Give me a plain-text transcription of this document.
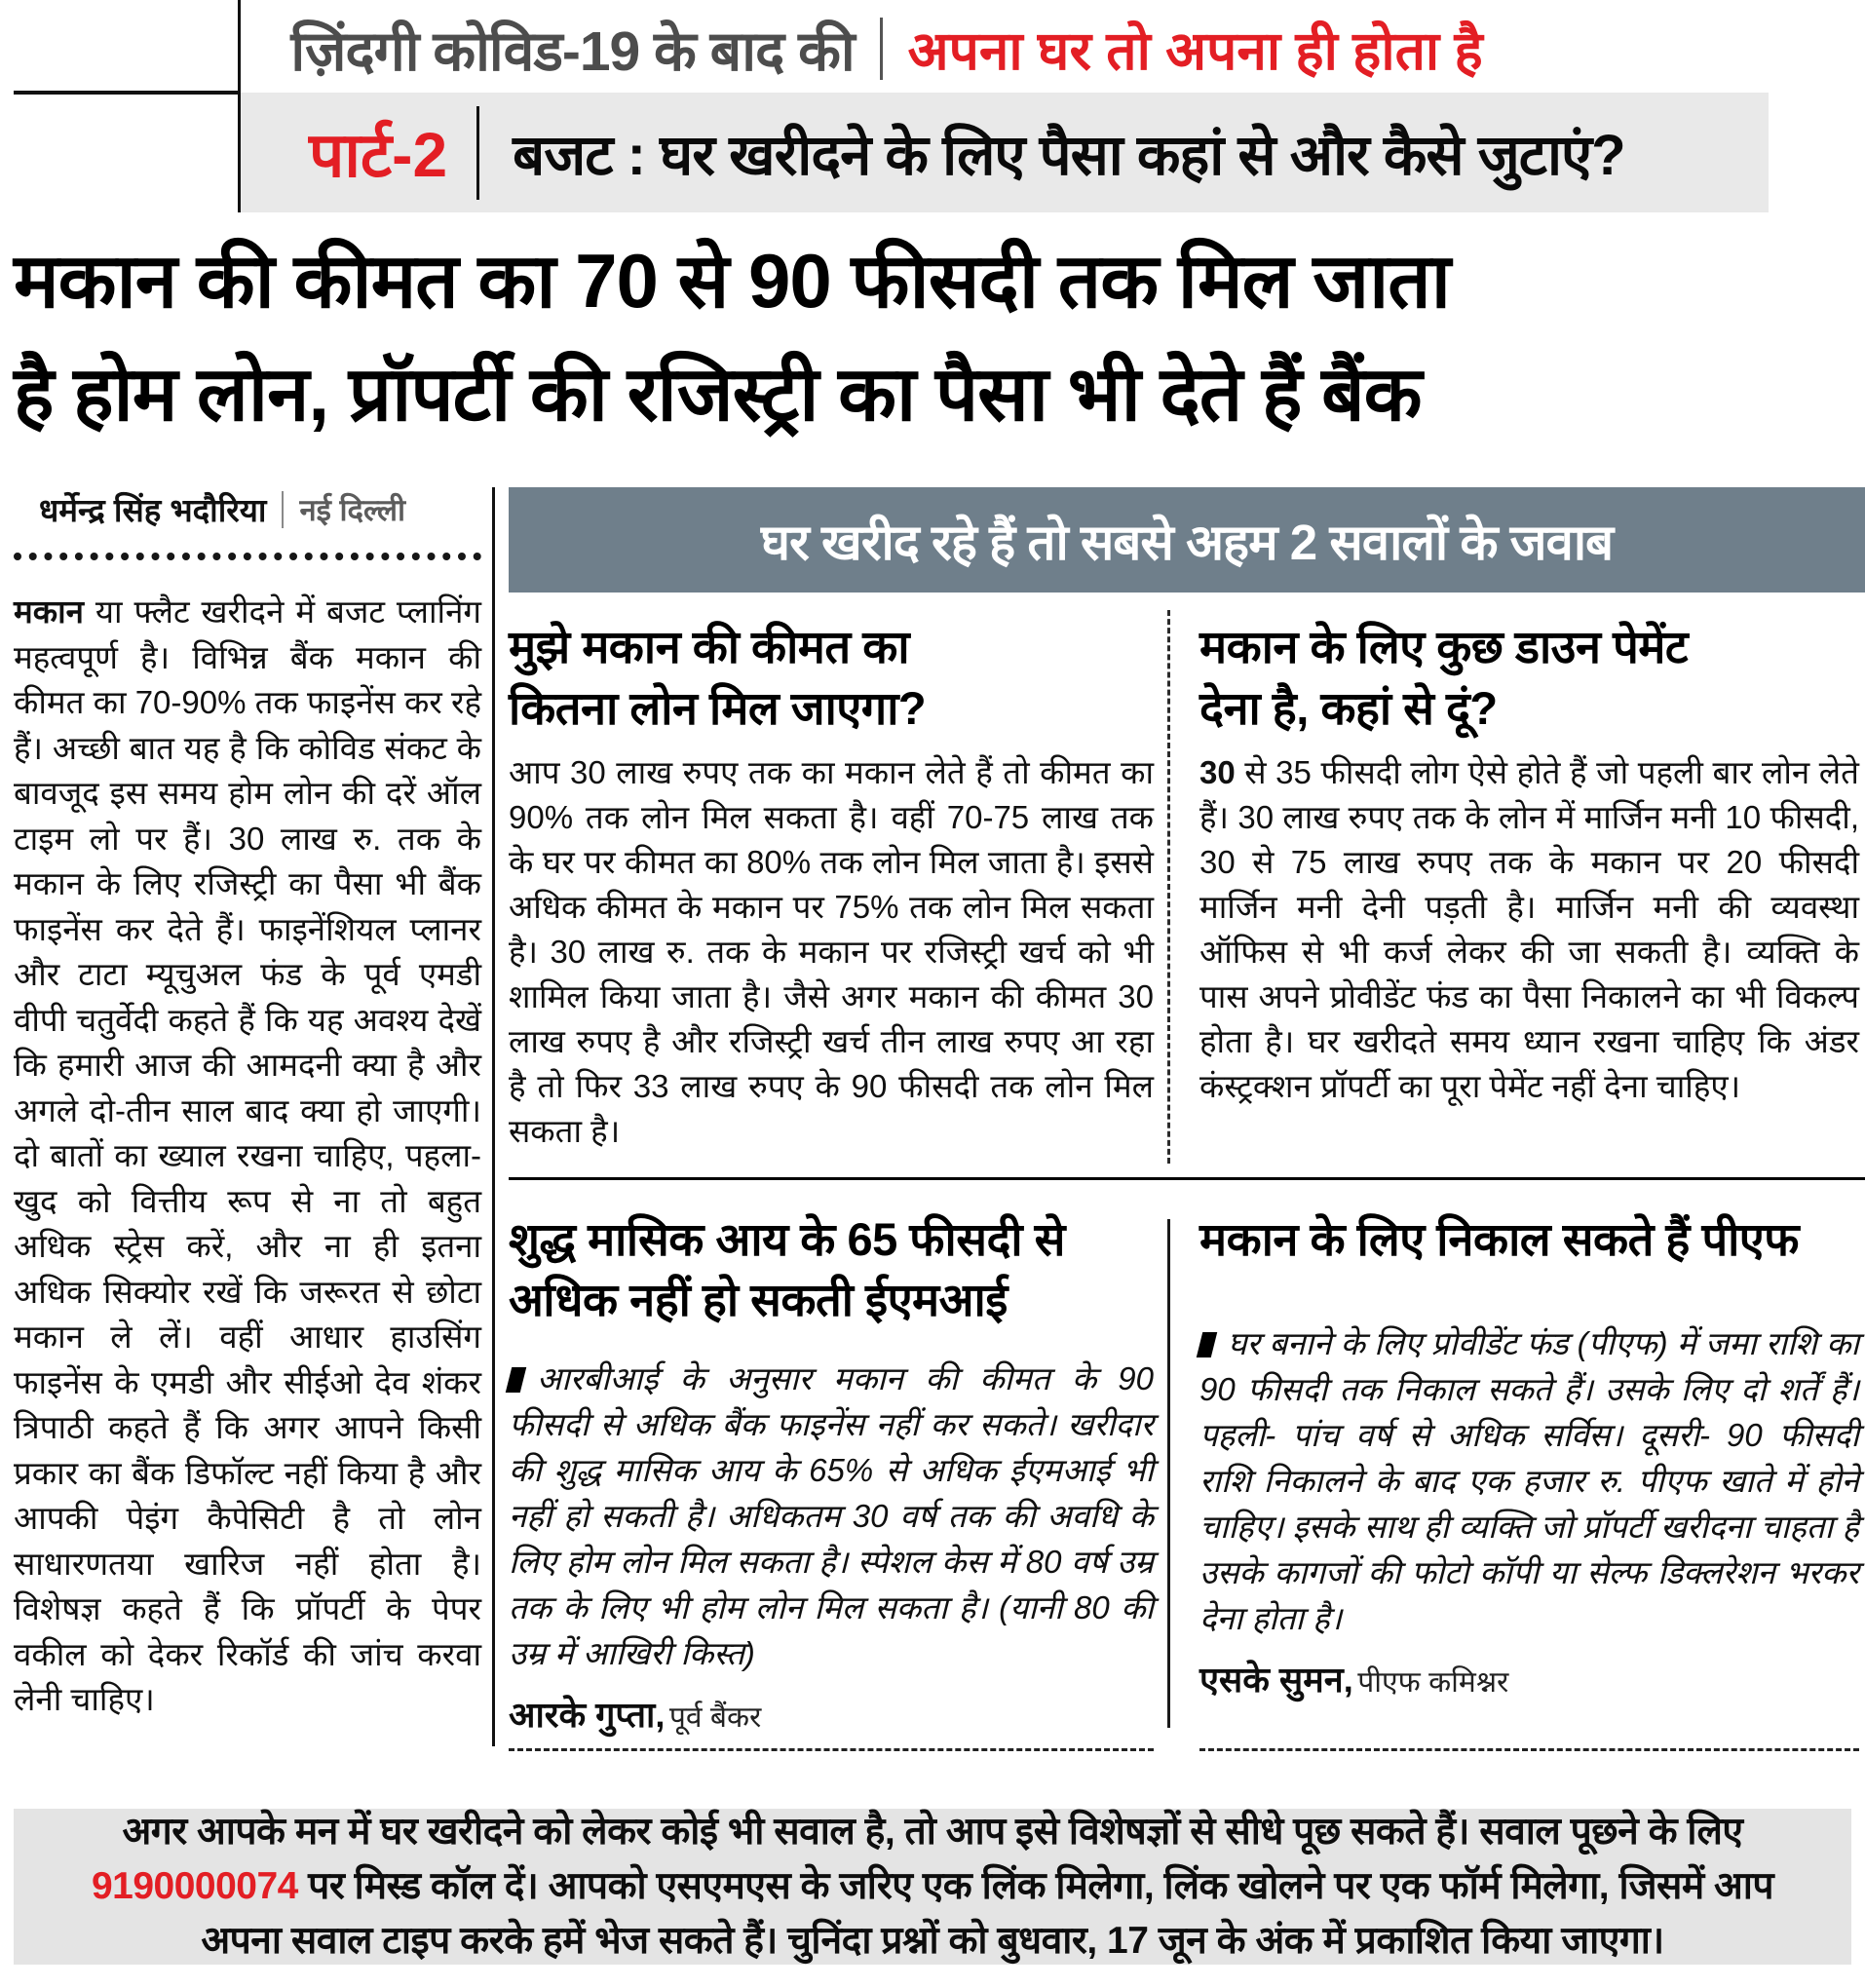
ज़िंदगी कोविड-19 के बाद की अपना घर तो अपना ही होता है
पार्ट-2 बजट : घर खरीदने के लिए पैसा कहां से और कैसे जुटाएं?
मकान की कीमत का 70 से 90 फीसदी तक मिल जाता
है होम लोन, प्रॉपर्टी की रजिस्ट्री का पैसा भी देते हैं बैंक
धर्मेन्द्र सिंह भदौरिया नई दिल्ली

मकान या फ्लैट खरीदने में बजट प्लानिंग महत्वपूर्ण है। विभिन्न बैंक मकान की कीमत का 70-90% तक फाइनेंस कर रहे हैं। अच्छी बात यह है कि कोविड संकट के बावजूद इस समय होम लोन की दरें ऑल टाइम लो पर हैं। 30 लाख रु. तक के मकान के लिए रजिस्ट्री का पैसा भी बैंक फाइनेंस कर देते हैं। फाइनेंशियल प्लानर और टाटा म्यूचुअल फंड के पूर्व एमडी वीपी चतुर्वेदी कहते हैं कि यह अवश्य देखें कि हमारी आज की आमदनी क्या है और अगले दो-तीन साल बाद क्या हो जाएगी। दो बातों का ख्याल रखना चाहिए, पहला- खुद को वित्तीय रूप से ना तो बहुत अधिक स्ट्रेस करें, और ना ही इतना अधिक सिक्योर रखें कि जरूरत से छोटा मकान ले लें। वहीं आधार हाउसिंग फाइनेंस के एमडी और सीईओ देव शंकर त्रिपाठी कहते हैं कि अगर आपने किसी प्रकार का बैंक डिफॉल्ट नहीं किया है और आपकी पेइंग कैपेसिटी है तो लोन साधारणतया खारिज नहीं होता है। विशेषज्ञ कहते हैं कि प्रॉपर्टी के पेपर वकील को देकर रिकॉर्ड की जांच करवा लेनी चाहिए।

घर खरीद रहे हैं तो सबसे अहम 2 सवालों के जवाब
मुझे मकान की कीमत का
कितना लोन मिल जाएगा?

आप 30 लाख रुपए तक का मकान लेते हैं तो कीमत का 90% तक लोन मिल सकता है। वहीं 70-75 लाख तक के घर पर कीमत का 80% तक लोन मिल जाता है। इससे अधिक कीमत के मकान पर 75% तक लोन मिल सकता है। 30 लाख रु. तक के मकान पर रजिस्ट्री खर्च को भी शामिल किया जाता है। जैसे अगर मकान की कीमत 30 लाख रुपए है और रजिस्ट्री खर्च तीन लाख रुपए आ रहा है तो फिर 33 लाख रुपए के 90 फीसदी तक लोन मिल सकता है।

मकान के लिए कुछ डाउन पेमेंट
देना है, कहां से दूं?

30 से 35 फीसदी लोग ऐसे होते हैं जो पहली बार लोन लेते हैं। 30 लाख रुपए तक के लोन में मार्जिन मनी 10 फीसदी, 30 से 75 लाख रुपए तक के मकान पर 20 फीसदी मार्जिन मनी देनी पड़ती है। मार्जिन मनी की व्यवस्था ऑफिस से भी कर्ज लेकर की जा सकती है। व्यक्ति के पास अपने प्रोवीडेंट फंड का पैसा निकालने का भी विकल्प होता है। घर खरीदते समय ध्यान रखना चाहिए कि अंडर कंस्ट्रक्शन प्रॉपर्टी का पूरा पेमेंट नहीं देना चाहिए।

शुद्ध मासिक आय के 65 फीसदी से
अधिक नहीं हो सकती ईएमआई

आरबीआई के अनुसार मकान की कीमत के 90 फीसदी से अधिक बैंक फाइनेंस नहीं कर सकते। खरीदार की शुद्ध मासिक आय के 65% से अधिक ईएमआई भी नहीं हो सकती है। अधिकतम 30 वर्ष तक की अवधि के लिए होम लोन मिल सकता है। स्पेशल केस में 80 वर्ष उम्र तक के लिए भी होम लोन मिल सकता है। (यानी 80 की उम्र में आखिरी किस्त)

आरके गुप्ता, पूर्व बैंकर
मकान के लिए निकाल सकते हैं पीएफ

घर बनाने के लिए प्रोवीडेंट फंड (पीएफ) में जमा राशि का 90 फीसदी तक निकाल सकते हैं। उसके लिए दो शर्तें हैं। पहली- पांच वर्ष से अधिक सर्विस। दूसरी- 90 फीसदी राशि निकालने के बाद एक हजार रु. पीएफ खाते में होने चाहिए। इसके साथ ही व्यक्ति जो प्रॉपर्टी खरीदना चाहता है उसके कागजों की फोटो कॉपी या सेल्फ डिक्लरेशन भरकर देना होता है।

एसके सुमन, पीएफ कमिश्नर
अगर आपके मन में घर खरीदने को लेकर कोई भी सवाल है, तो आप इसे विशेषज्ञों से सीधे पूछ सकते हैं। सवाल पूछने के लिए 9190000074 पर मिस्ड कॉल दें। आपको एसएमएस के जरिए एक लिंक मिलेगा, लिंक खोलने पर एक फॉर्म मिलेगा, जिसमें आप अपना सवाल टाइप करके हमें भेज सकते हैं। चुनिंदा प्रश्नों को बुधवार, 17 जून के अंक में प्रकाशित किया जाएगा।
